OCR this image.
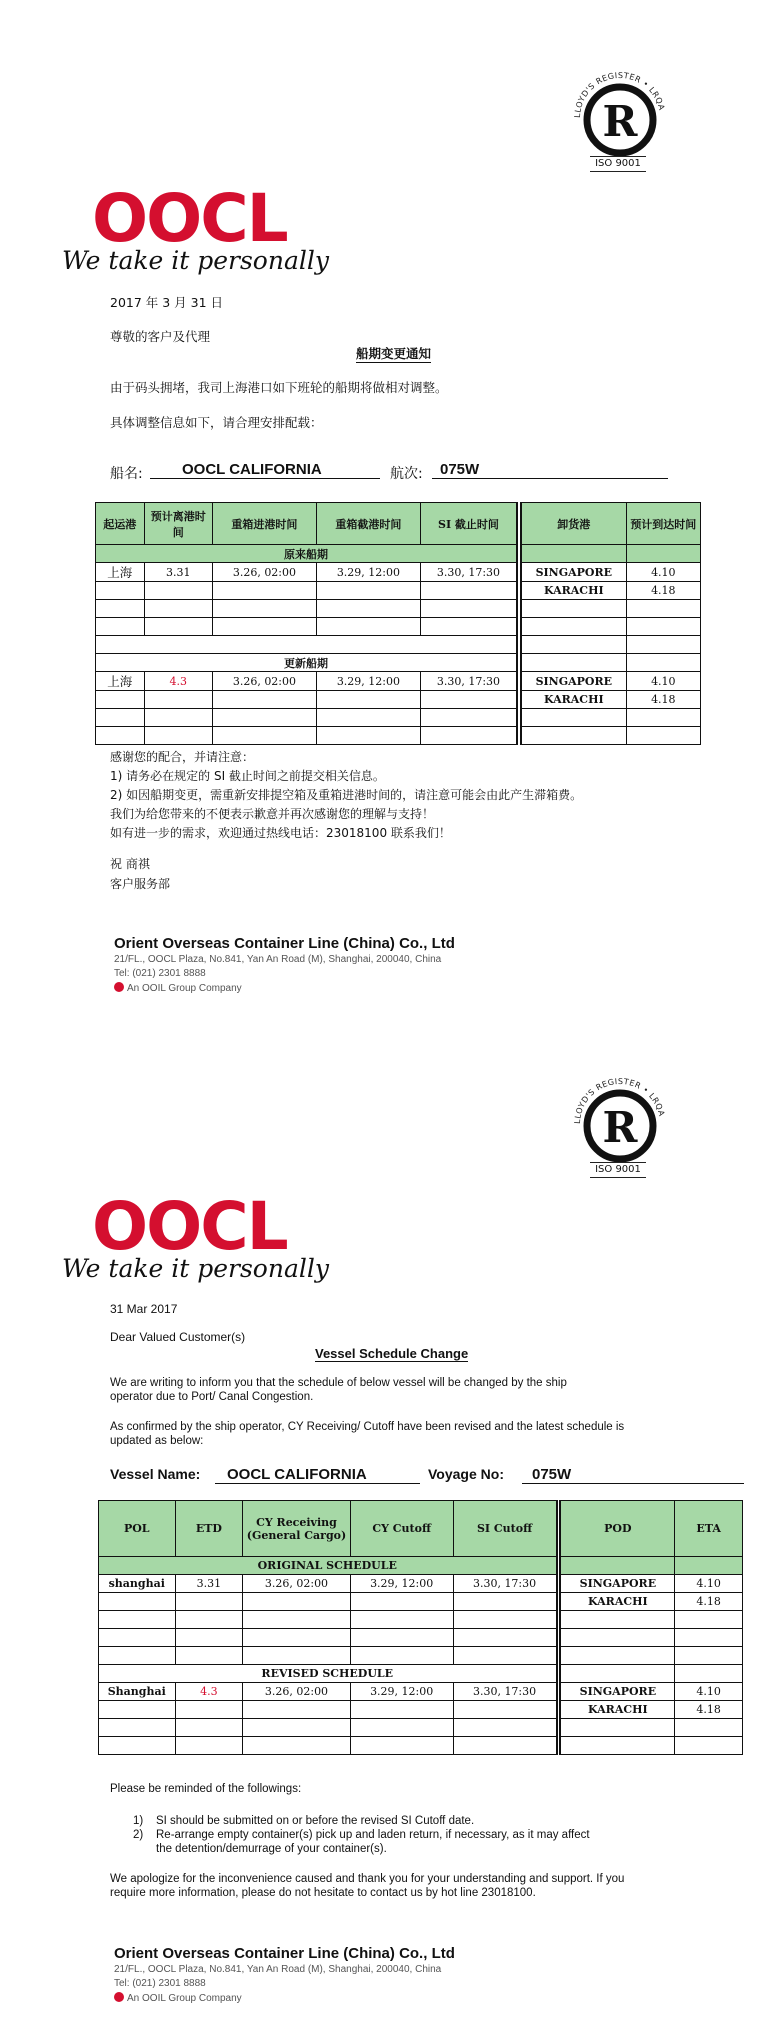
LLOYD'S REGISTER • LRQA
R
ISO 9001
OOCL
We take it personally
2017 年 3 月 31 日
尊敬的客户及代理
船期变更通知
由于码头拥堵，我司上海港口如下班轮的船期将做相对调整。
具体调整信息如下，请合理安排配载：
船名:	OOCL CALIFORNIA	航次:	075W
起运港	预计离港时间	重箱进港时间	重箱截港时间	SI 截止时间		卸货港	预计到达时间
原来船期							
上海	3.31	3.26, 02:00	3.29, 12:00	3.30, 17:30		SINGAPORE	4.10
						KARACHI	4.18

更新船期							
上海	4.3	3.26, 02:00	3.29, 12:00	3.30, 17:30		SINGAPORE	4.10
						KARACHI	4.18

感谢您的配合，并请注意：
1) 请务必在规定的 SI 截止时间之前提交相关信息。
2) 如因船期变更，需重新安排提空箱及重箱进港时间的，请注意可能会由此产生滞箱费。
我们为给您带来的不便表示歉意并再次感谢您的理解与支持！
如有进一步的需求，欢迎通过热线电话：23018100 联系我们！
祝 商祺
客户服务部
Orient Overseas Container Line (China) Co., Ltd
21/FL., OOCL Plaza, No.841, Yan An Road (M), Shanghai, 200040, China
Tel: (021) 2301 8888
An OOIL Group Company
LLOYD'S REGISTER • LRQA
R
ISO 9001
OOCL
We take it personally
31 Mar 2017
Dear Valued Customer(s)
Vessel Schedule Change
We are writing to inform you that the schedule of below vessel will be changed by the ship
operator due to Port/ Canal Congestion.
As confirmed by the ship operator, CY Receiving/ Cutoff have been revised and the latest schedule is
updated as below:
Vessel Name:	OOCL CALIFORNIA	Voyage No:	075W
POL	ETD	CY Receiving (General Cargo)	CY Cutoff	SI Cutoff		POD	ETA
ORIGINAL SCHEDULE							
shanghai	3.31	3.26, 02:00	3.29, 12:00	3.30, 17:30		SINGAPORE	4.10
						KARACHI	4.18

REVISED SCHEDULE							
Shanghai	4.3	3.26, 02:00	3.29, 12:00	3.30, 17:30		SINGAPORE	4.10
						KARACHI	4.18

Please be reminded of the followings:
1) SI should be submitted on or before the revised SI Cutoff date.
2) Re-arrange empty container(s) pick up and laden return, if necessary, as it may affect
the detention/demurrage of your container(s).
We apologize for the inconvenience caused and thank you for your understanding and support. If you
require more information, please do not hesitate to contact us by hot line 23018100.
Orient Overseas Container Line (China) Co., Ltd
21/FL., OOCL Plaza, No.841, Yan An Road (M), Shanghai, 200040, China
Tel: (021) 2301 8888
An OOIL Group Company
